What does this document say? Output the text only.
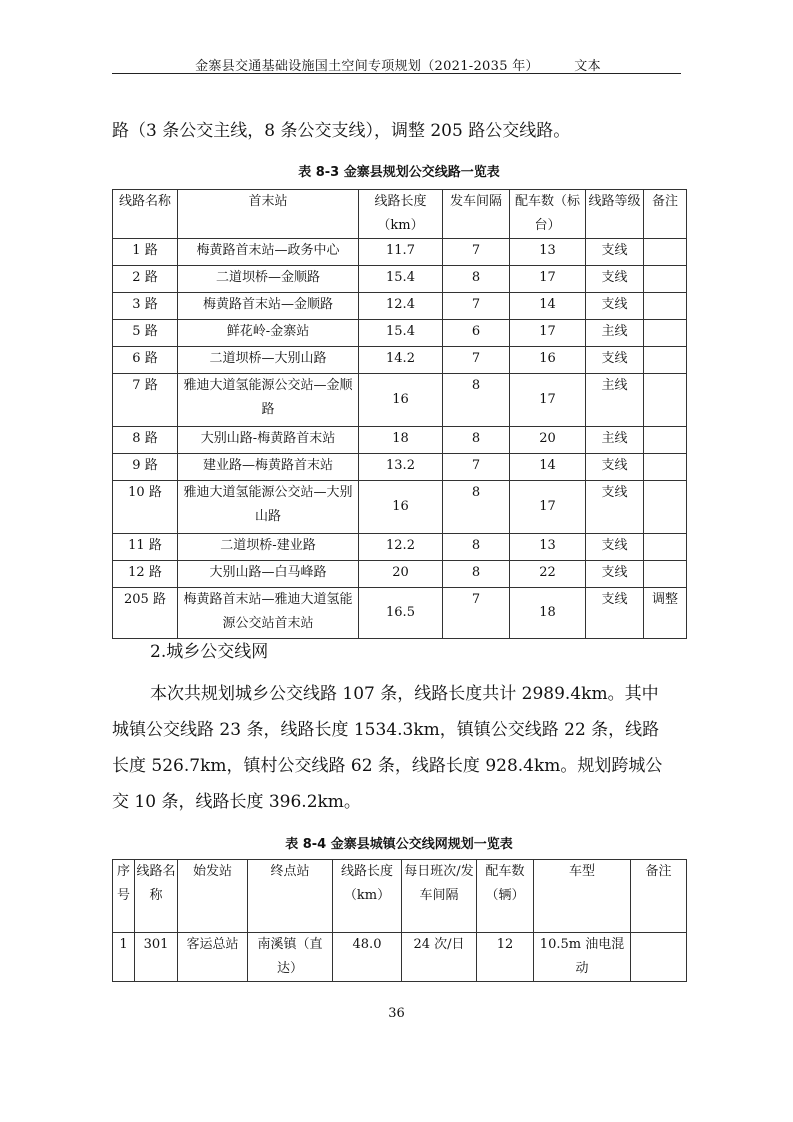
金寨县交通基础设施国土空间专项规划（2021-2035 年）	文本
路（3 条公交主线，8 条公交支线），调整 205 路公交线路。
表 8-3 金寨县规划公交线路一览表
线路名称	首末站	线路长度（km）	发车间隔	配车数（标台）	线路等级	备注
1 路	梅黄路首末站—政务中心	11.7	7	13	支线	
2 路	二道坝桥—金顺路	15.4	8	17	支线	
3 路	梅黄路首末站—金顺路	12.4	7	14	支线	
5 路	鲜花岭-金寨站	15.4	6	17	主线	
6 路	二道坝桥—大别山路	14.2	7	16	支线	
7 路	雅迪大道氢能源公交站—金顺路	16	8	17	主线	
8 路	大别山路-梅黄路首末站	18	8	20	主线	
9 路	建业路—梅黄路首末站	13.2	7	14	支线	
10 路	雅迪大道氢能源公交站—大别山路	16	8	17	支线	
11 路	二道坝桥-建业路	12.2	8	13	支线	
12 路	大别山路—白马峰路	20	8	22	支线	
205 路	梅黄路首末站—雅迪大道氢能源公交站首末站	16.5	7	18	支线	调整
2.城乡公交线网
本次共规划城乡公交线路 107 条，线路长度共计 2989.4km。其中
城镇公交线路 23 条，线路长度 1534.3km，镇镇公交线路 22 条，线路
长度 526.7km，镇村公交线路 62 条，线路长度 928.4km。规划跨城公
交 10 条，线路长度 396.2km。
表 8-4 金寨县城镇公交线网规划一览表
序号	线路名称	始发站	终点站	线路长度（km）	每日班次/发车间隔	配车数（辆）	车型	备注
1	301	客运总站	南溪镇（直达）	48.0	24 次/日	12	10.5m 油电混动	
36
